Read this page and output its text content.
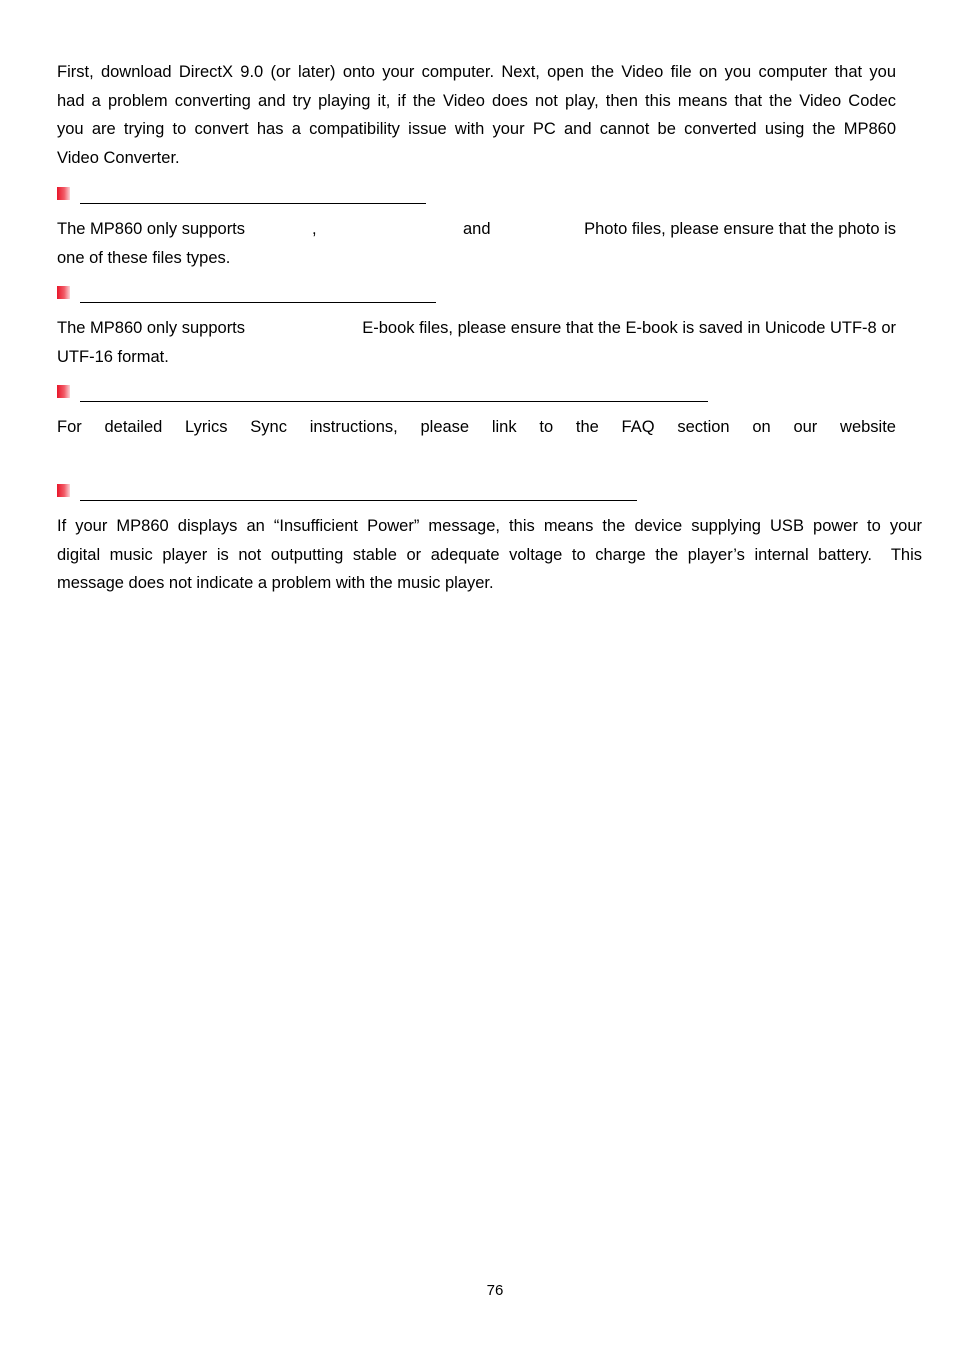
First, download DirectX 9.0 (or later) onto your computer. Next, open the Video file on you computer that you
had a problem converting and try playing it, if the Video does not play, then this means that the Video Codec
you are trying to convert has a compatibility issue with your PC and cannot be converted using the MP860
Video Converter.

The MP860 only supports	,	and	Photo files, please ensure that the photo is
one of these files types.

The MP860 only supports	E-book files, please ensure that the E-book is saved in Unicode UTF-8 or
UTF-16 format.

For detailed Lyrics Sync instructions, please link to the FAQ section on our website

If your MP860 displays an “Insufficient Power” message, this means the device supplying USB power to your
digital music player is not outputting stable or adequate voltage to charge the player’s internal battery.  This
message does not indicate a problem with the music player.

76
